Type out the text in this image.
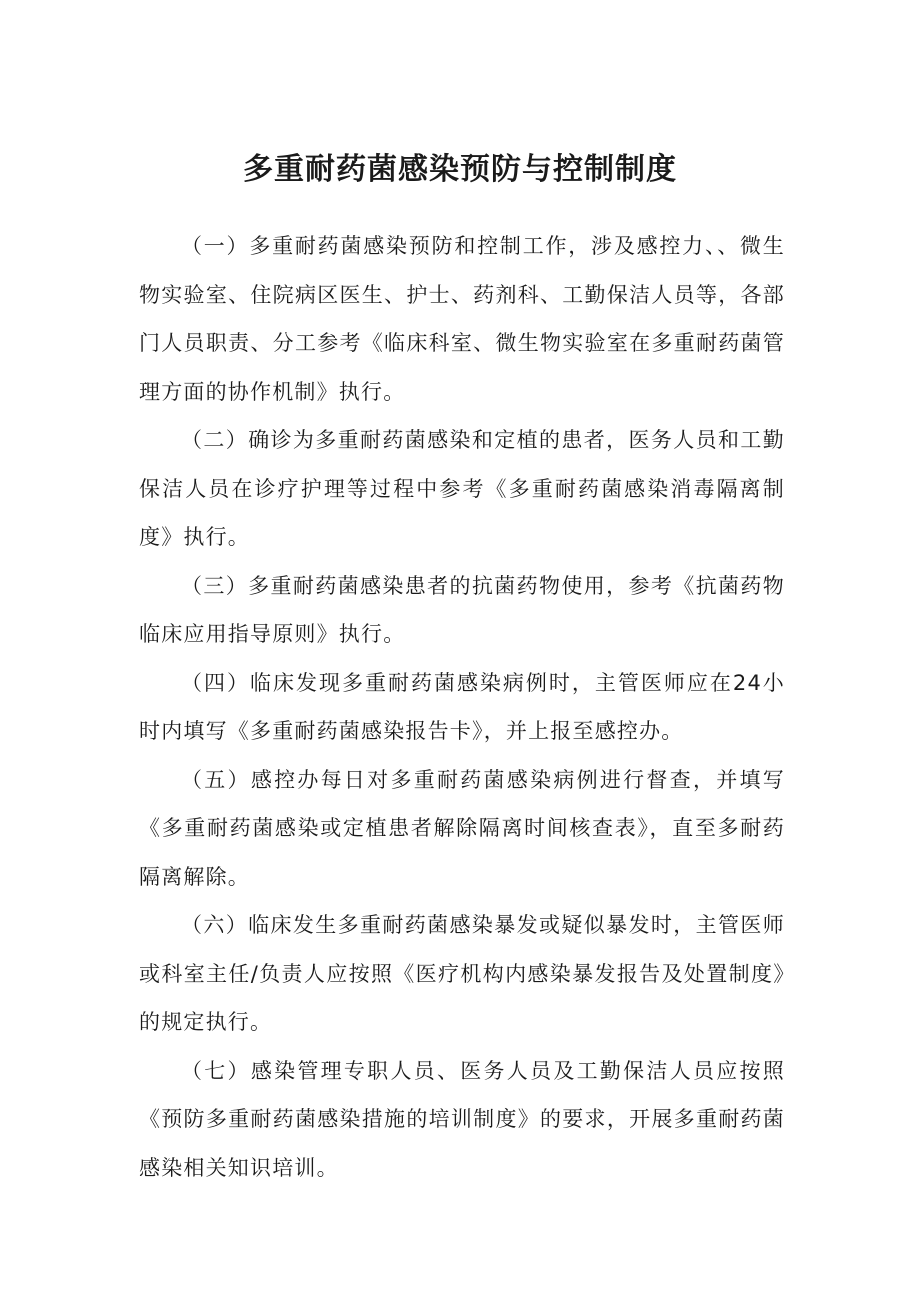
多重耐药菌感染预防与控制制度

（一）多重耐药菌感染预防和控制工作，涉及感控力、、微生物实验室、住院病区医生、护士、药剂科、工勤保洁人员等，各部门人员职责、分工参考《临床科室、微生物实验室在多重耐药菌管理方面的协作机制》执行。

（二）确诊为多重耐药菌感染和定植的患者，医务人员和工勤保洁人员在诊疗护理等过程中参考《多重耐药菌感染消毒隔离制度》执行。

（三）多重耐药菌感染患者的抗菌药物使用，参考《抗菌药物临床应用指导原则》执行。

（四）临床发现多重耐药菌感染病例时，主管医师应在24小时内填写《多重耐药菌感染报告卡》，并上报至感控办。

（五）感控办每日对多重耐药菌感染病例进行督查，并填写《多重耐药菌感染或定植患者解除隔离时间核查表》，直至多耐药隔离解除。

（六）临床发生多重耐药菌感染暴发或疑似暴发时，主管医师或科室主任/负责人应按照《医疗机构内感染暴发报告及处置制度》的规定执行。

（七）感染管理专职人员、医务人员及工勤保洁人员应按照《预防多重耐药菌感染措施的培训制度》的要求，开展多重耐药菌感染相关知识培训。
